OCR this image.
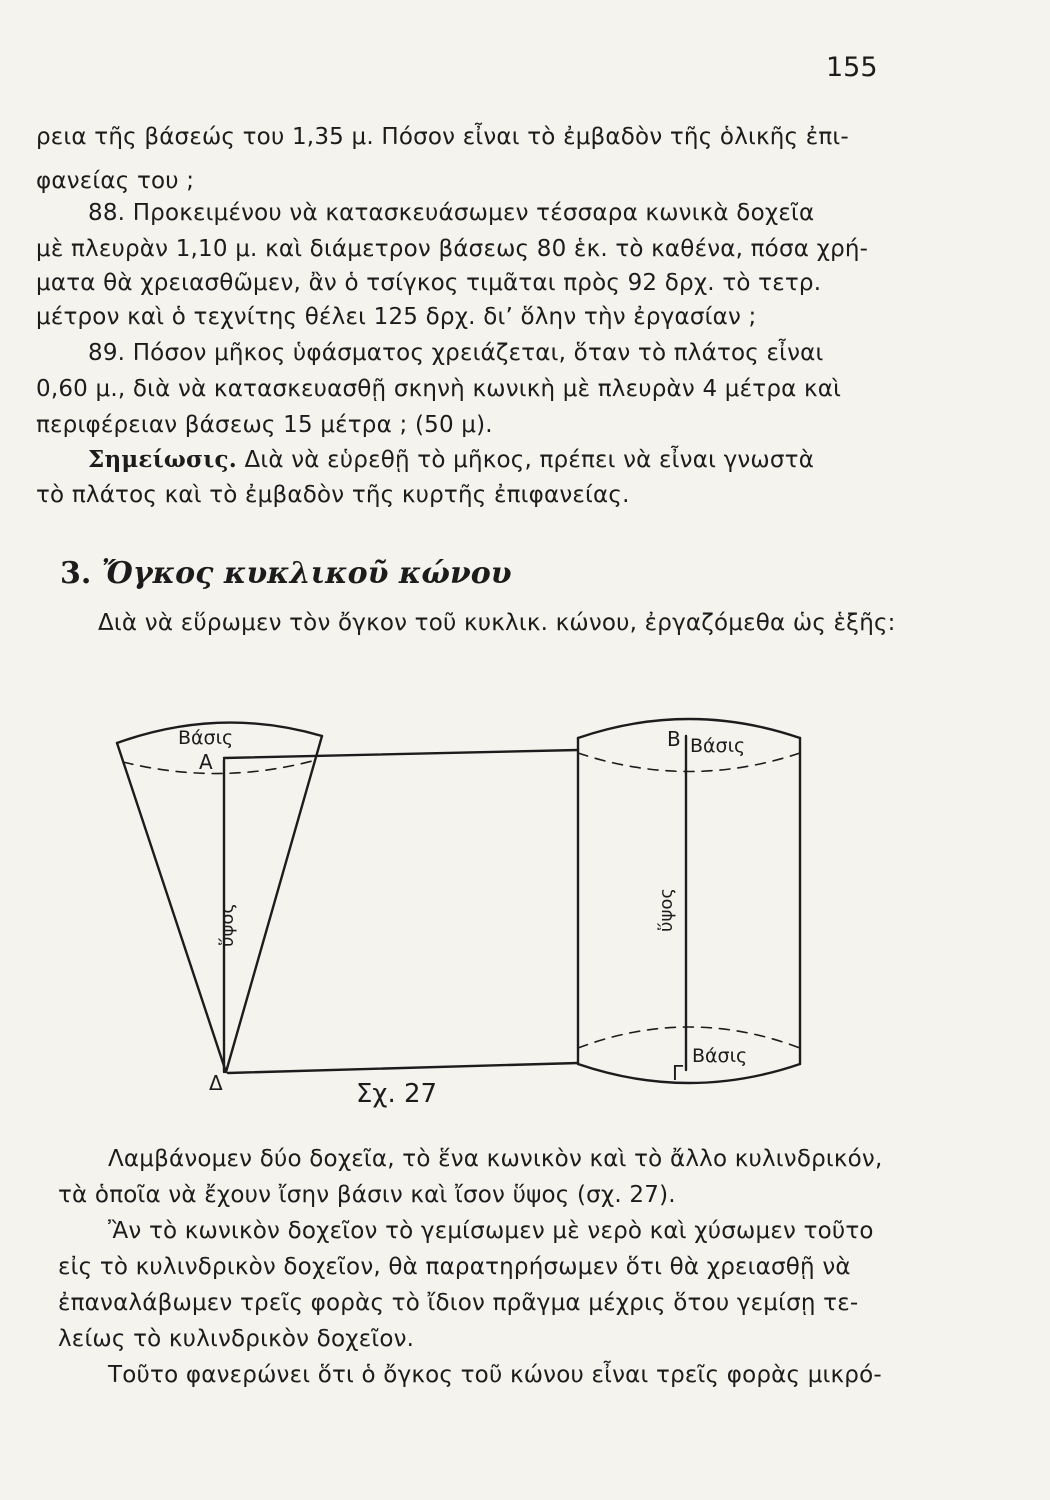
155
ρεια τῆς βάσεώς του 1,35 μ. Πόσον εἶναι τὸ ἐμβαδὸν τῆς ὁλικῆς ἐπι-
φανείας του ;
88. Προκειμένου νὰ κατασκευάσωμεν τέσσαρα κωνικὰ δοχεῖα
μὲ πλευρὰν 1,10 μ. καὶ διάμετρον βάσεως 80 ἑκ. τὸ καθένα, πόσα χρή-
ματα θὰ χρειασθῶμεν, ἂν ὁ τσίγκος τιμᾶται πρὸς 92 δρχ. τὸ τετρ.
μέτρον καὶ ὁ τεχνίτης θέλει 125 δρχ. δι’ ὅλην τὴν ἐργασίαν ;
89. Πόσον μῆκος ὑφάσματος χρειάζεται, ὅταν τὸ πλάτος εἶναι
0,60 μ., διὰ νὰ κατασκευασθῇ σκηνὴ κωνικὴ μὲ πλευρὰν 4 μέτρα καὶ
περιφέρειαν βάσεως 15 μέτρα ; (50 μ).
Σημείωσις. Διὰ νὰ εὑρεθῇ τὸ μῆκος, πρέπει νὰ εἶναι γνωστὰ
τὸ πλάτος καὶ τὸ ἐμβαδὸν τῆς κυρτῆς ἐπιφανείας.
3. Ὄγκος κυκλικοῦ κώνου
Διὰ νὰ εὕρωμεν τὸν ὄγκον τοῦ κυκλικ. κώνου, ἐργαζόμεθα ὡς ἑξῆς:
Βάσις
Α
Δ
ὕψος
Β Βάσις
ὕψος
Γ
Βάσις
Σχ. 27
Λαμβάνομεν δύο δοχεῖα, τὸ ἕνα κωνικὸν καὶ τὸ ἄλλο κυλινδρικόν,
τὰ ὁποῖα νὰ ἔχουν ἴσην βάσιν καὶ ἴσον ὕψος (σχ. 27).
Ἂν τὸ κωνικὸν δοχεῖον τὸ γεμίσωμεν μὲ νερὸ καὶ χύσωμεν τοῦτο
εἰς τὸ κυλινδρικὸν δοχεῖον, θὰ παρατηρήσωμεν ὅτι θὰ χρειασθῇ νὰ
ἐπαναλάβωμεν τρεῖς φορὰς τὸ ἴδιον πρᾶγμα μέχρις ὅτου γεμίσῃ τε-
λείως τὸ κυλινδρικὸν δοχεῖον.
Τοῦτο φανερώνει ὅτι ὁ ὄγκος τοῦ κώνου εἶναι τρεῖς φορὰς μικρό-
